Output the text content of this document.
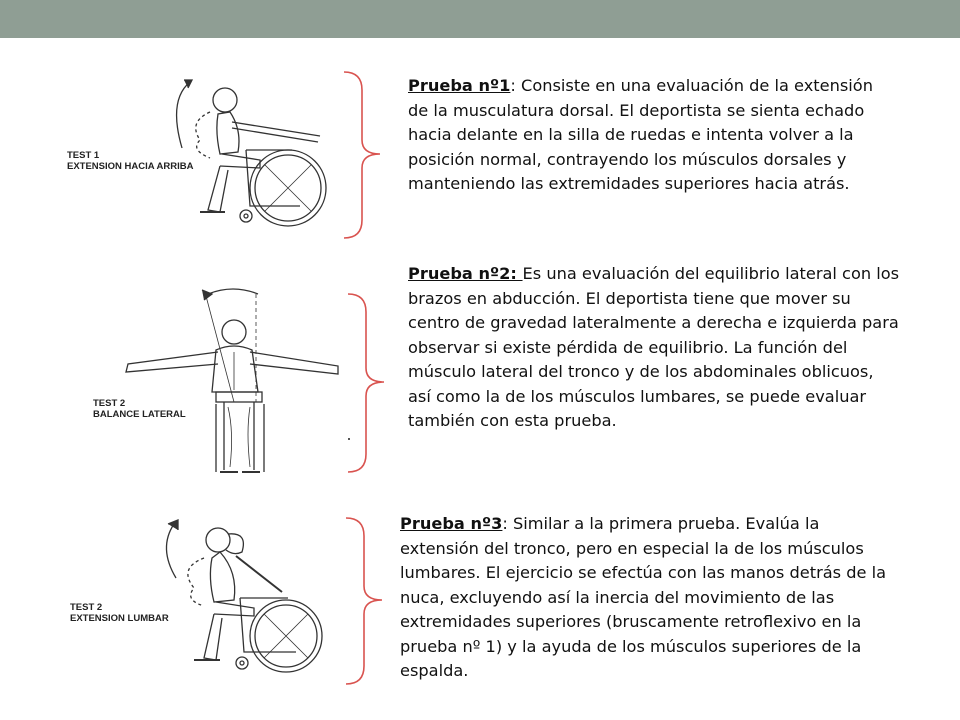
TEST 1
EXTENSION HACIA ARRIBA
Prueba nº1: Consiste en una evaluación de la extensión de la musculatura dorsal. El deportista se sienta echado hacia delante en la silla de ruedas e intenta volver a la posición normal, contrayendo los músculos dorsales y manteniendo las extremidades superiores hacia atrás.
TEST 2
BALANCE LATERAL
Prueba nº2: Es una evaluación del equilibrio lateral con los brazos en abducción. El deportista tiene que mover su centro de gravedad lateralmente a derecha e izquierda para observar si existe pérdida de equilibrio. La función del músculo lateral del tronco y de los abdominales oblicuos, así como la de los músculos lumbares, se puede evaluar también con esta prueba.
TEST 2
EXTENSION LUMBAR
Prueba nº3: Similar a la primera prueba. Evalúa la extensión del tronco, pero en especial la de los músculos lumbares. El ejercicio se efectúa con las manos detrás de la nuca, excluyendo así la inercia del movimiento de las extremidades superiores (bruscamente retroflexivo en la prueba nº 1) y la ayuda de los músculos superiores de la espalda.
